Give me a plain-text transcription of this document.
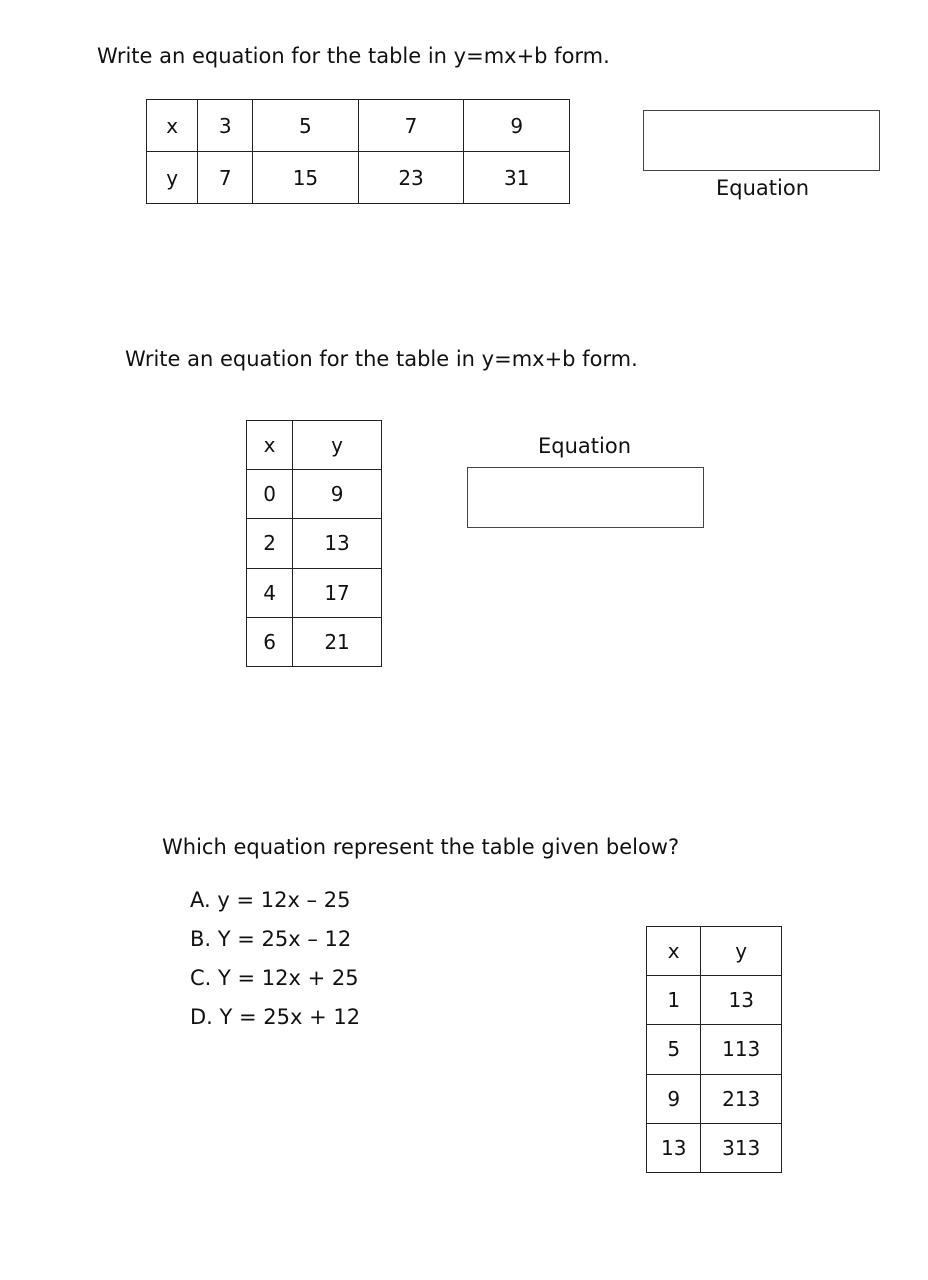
Write an equation for the table in y=mx+b form.
x	3	5	7	9
y	7	15	23	31	Equation
Write an equation for the table in y=mx+b form.
x	y
0	9
2	13
4	17
6	21
Equation
Which equation represent the table given below?
A. y = 12x – 25
B. Y = 25x – 12
C. Y = 12x + 25
D. Y = 25x + 12
x	y
1	13
5	113
9	213
13	313
